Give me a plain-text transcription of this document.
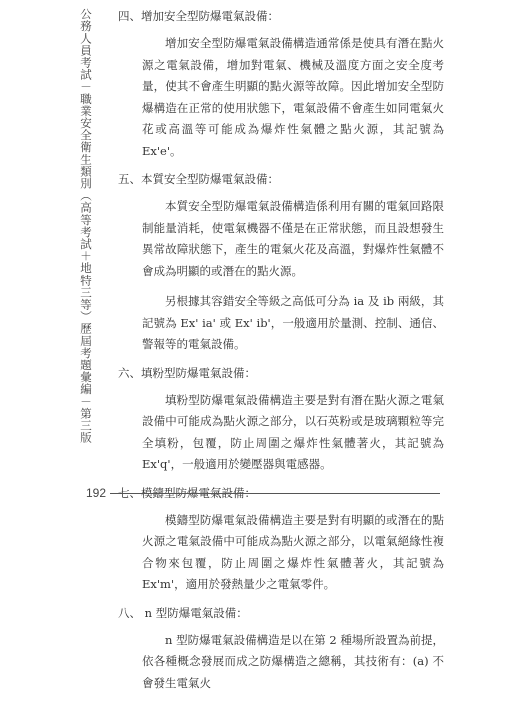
公務人員考試－職業安全衛生類別（高等考試＋地特三等）歷屆考題彙編－第三版 四、增加安全型防爆電氣設備：

增加安全型防爆電氣設備構造通常係是使具有潛在點火源之電氣設備，增加對電氣、機械及溫度方面之安全度考量，使其不會產生明顯的點火源等故障。因此增加安全型防爆構造在正常的使用狀態下，電氣設備不會產生如同電氣火花或高溫等可能成為爆炸性氣體之點火源，其記號為 Ex'e'。

五、本質安全型防爆電氣設備：

本質安全型防爆電氣設備構造係利用有關的電氣回路限制能量消耗，使電氣機器不僅是在正常狀態，而且設想發生異常故障狀態下，產生的電氣火花及高溫，對爆炸性氣體不會成為明顯的或潛在的點火源。

另根據其容錯安全等級之高低可分為 ia 及 ib 兩級，其記號為 Ex' ia' 或 Ex' ib'，一般適用於量測、控制、通信、警報等的電氣設備。

六、填粉型防爆電氣設備：

填粉型防爆電氣設備構造主要是對有潛在點火源之電氣設備中可能成為點火源之部分，以石英粉或是玻璃顆粒等完全填粉，包覆，防止周圍之爆炸性氣體著火，其記號為 Ex'q'，一般適用於變壓器與電感器。

七、模鑄型防爆電氣設備：

模鑄型防爆電氣設備構造主要是對有明顯的或潛在的點火源之電氣設備中可能成為點火源之部分，以電氣絕緣性複合物來包覆，防止周圍之爆炸性氣體著火，其記號為 Ex'm'，適用於發熱量少之電氣零件。

八、 n 型防爆電氣設備：

n 型防爆電氣設備構造是以在第 2 種場所設置為前提，依各種概念發展而成之防爆構造之總稱，其技術有：(a) 不會發生電氣火

192
